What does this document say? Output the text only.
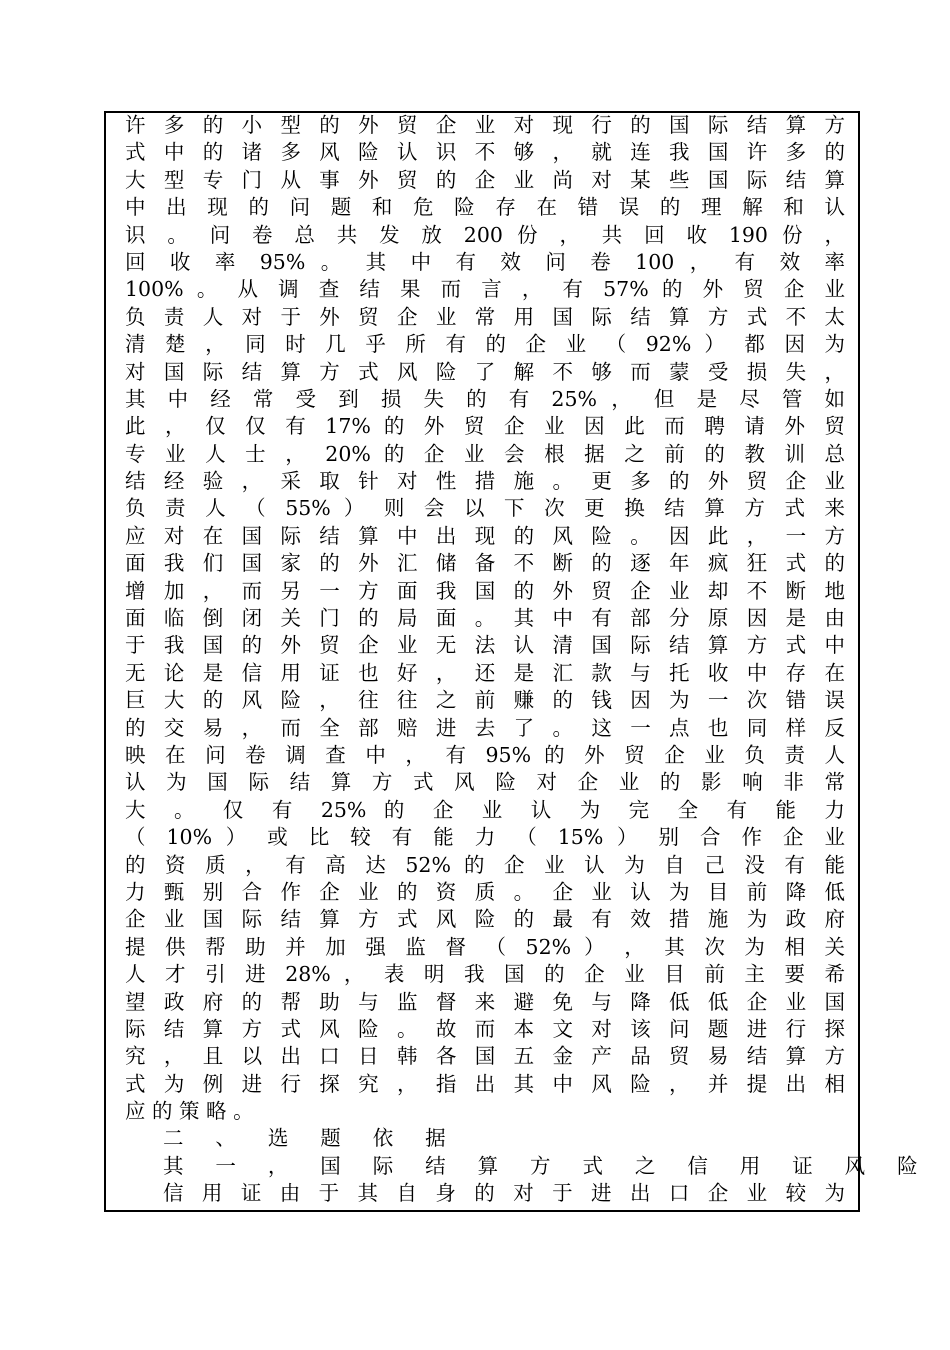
许 多 的 小 型 的 外 贸 企 业 对 现 行 的 国 际 结 算 方
式 中 的 诸 多 风 险 认 识 不 够 ， 就 连 我 国 许 多 的
大 型 专 门 从 事 外 贸 的 企 业 尚 对 某 些 国 际 结 算
中 出 现 的 问 题 和 危 险 存 在 错 误 的 理 解 和 认
识 。 问 卷 总 共 发 放 200 份 ， 共 回 收 190 份 ，
回 收 率 95% 。 其 中 有 效 问 卷 100 ， 有 效 率
100% 。 从 调 查 结 果 而 言 ， 有 57% 的 外 贸 企 业
负 责 人 对 于 外 贸 企 业 常 用 国 际 结 算 方 式 不 太
清 楚 ， 同 时 几 乎 所 有 的 企 业 （ 92% ） 都 因 为
对 国 际 结 算 方 式 风 险 了 解 不 够 而 蒙 受 损 失 ，
其 中 经 常 受 到 损 失 的 有 25% ， 但 是 尽 管 如
此 ， 仅 仅 有 17% 的 外 贸 企 业 因 此 而 聘 请 外 贸
专 业 人 士 ， 20% 的 企 业 会 根 据 之 前 的 教 训 总
结 经 验 ， 采 取 针 对 性 措 施 。 更 多 的 外 贸 企 业
负 责 人 （ 55% ） 则 会 以 下 次 更 换 结 算 方 式 来
应 对 在 国 际 结 算 中 出 现 的 风 险 。 因 此 ， 一 方
面 我 们 国 家 的 外 汇 储 备 不 断 的 逐 年 疯 狂 式 的
增 加 ， 而 另 一 方 面 我 国 的 外 贸 企 业 却 不 断 地
面 临 倒 闭 关 门 的 局 面 。 其 中 有 部 分 原 因 是 由
于 我 国 的 外 贸 企 业 无 法 认 清 国 际 结 算 方 式 中
无 论 是 信 用 证 也 好 ， 还 是 汇 款 与 托 收 中 存 在
巨 大 的 风 险 ， 往 往 之 前 赚 的 钱 因 为 一 次 错 误
的 交 易 ， 而 全 部 赔 进 去 了 。 这 一 点 也 同 样 反
映 在 问 卷 调 查 中 ， 有 95% 的 外 贸 企 业 负 责 人
认 为 国 际 结 算 方 式 风 险 对 企 业 的 影 响 非 常
大 。 仅 有 25% 的 企 业 认 为 完 全 有 能 力
（ 10% ） 或 比 较 有 能 力 （ 15% ） 别 合 作 企 业
的 资 质 ， 有 高 达 52% 的 企 业 认 为 自 己 没 有 能
力 甄 别 合 作 企 业 的 资 质 。 企 业 认 为 目 前 降 低
企 业 国 际 结 算 方 式 风 险 的 最 有 效 措 施 为 政 府
提 供 帮 助 并 加 强 监 督 （ 52% ） ， 其 次 为 相 关
人 才 引 进 28% ， 表 明 我 国 的 企 业 目 前 主 要 希
望 政 府 的 帮 助 与 监 督 来 避 免 与 降 低 低 企 业 国
际 结 算 方 式 风 险 。 故 而 本 文 对 该 问 题 进 行 探
究 ， 且 以 出 口 日 韩 各 国 五 金 产 品 贸 易 结 算 方
式 为 例 进 行 探 究 ， 指 出 其 中 风 险 ， 并 提 出 相
应 的 策 略 。
二 、 选 题 依 据
其 一 ， 国 际 结 算 方 式 之 信 用 证 风 险
信 用 证 由 于 其 自 身 的 对 于 进 出 口 企 业 较 为
